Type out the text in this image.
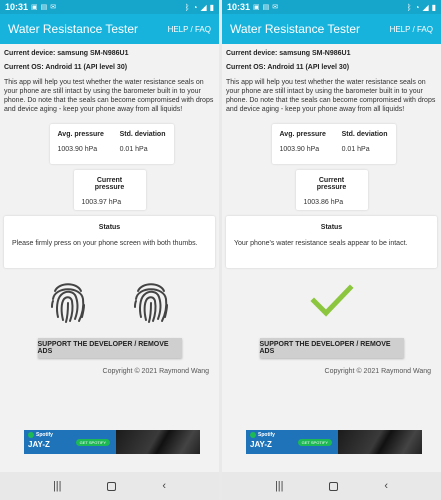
10:31 ▣ ▤ ✉	ᛒ ◔ ◢ ▮
Water Resistance Tester	HELP / FAQ
Current device: samsung SM-N986U1
Current OS: Android 11 (API level 30)
This app will help you test whether the water resistance seals on your phone are still intact by using the barometer built in to your phone. Do note that the seals can become compromised with drops and device aging - keep your phone away from all liquids!
Avg. pressure
1003.90 hPa
Std. deviation
0.01 hPa
Current pressure
1003.97 hPa
Status
Please firmly press on your phone screen with both thumbs.
SUPPORT THE DEVELOPER / REMOVE ADS
Copyright © 2021 Raymond Wang
Spotify
JAY-Z	GET SPOTIFY
|||	‹
10:31 ▣ ▤ ✉	ᛒ ◔ ◢ ▮
Water Resistance Tester	HELP / FAQ
Current device: samsung SM-N986U1
Current OS: Android 11 (API level 30)
This app will help you test whether the water resistance seals on your phone are still intact by using the barometer built in to your phone. Do note that the seals can become compromised with drops and device aging - keep your phone away from all liquids!
Avg. pressure
1003.90 hPa
Std. deviation
0.01 hPa
Current pressure
1003.86 hPa
Status
Your phone's water resistance seals appear to be intact.
SUPPORT THE DEVELOPER / REMOVE ADS
Copyright © 2021 Raymond Wang
Spotify
JAY-Z	GET SPOTIFY
|||	‹
